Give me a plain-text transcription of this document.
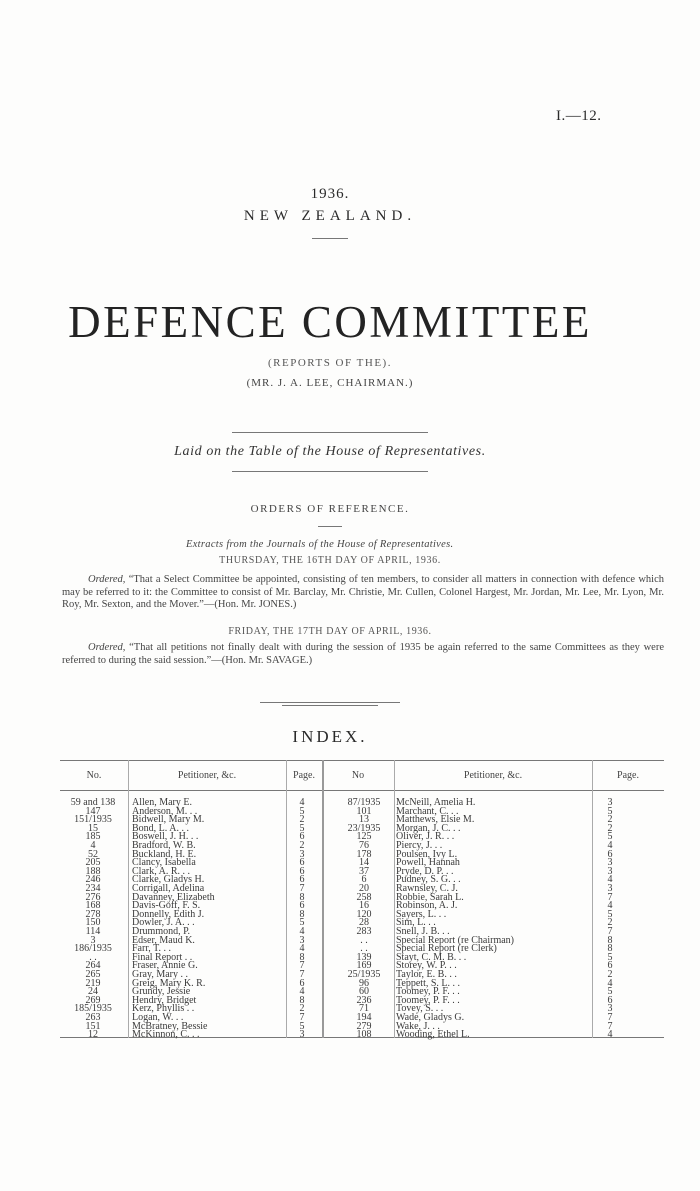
I.—12.
1936.
NEW ZEALAND.
DEFENCE COMMITTEE
(REPORTS OF THE).
(MR. J. A. LEE, CHAIRMAN.)
Laid on the Table of the House of Representatives.
ORDERS OF REFERENCE.
Extracts from the Journals of the House of Representatives.
THURSDAY, THE 16TH DAY OF APRIL, 1936.

Ordered, “That a Select Committee be appointed, consisting of ten members, to consider all matters in connection with defence which may be referred to it: the Committee to consist of Mr. Barclay, Mr. Christie, Mr. Cullen, Colonel Hargest, Mr. Jordan, Mr. Lee, Mr. Lyon, Mr. Roy, Mr. Sexton, and the Mover.”—(Hon. Mr. JONES.)

FRIDAY, THE 17TH DAY OF APRIL, 1936.

Ordered, “That all petitions not finally dealt with during the session of 1935 be again referred to the same Committees as they were referred to during the said session.”—(Hon. Mr. SAVAGE.)

INDEX.
No.	Petitioner, &c.	Page.	No	Petitioner, &c.	Page.
59 and 138	Allen, Mary E.	4	87/1935	McNeill, Amelia H.	3
147	Anderson, M. . .	5	101	Marchant, C. . .	5
151/1935	Bidwell, Mary M.	2	13	Matthews, Elsie M.	2
15	Bond, L. A. . .	5	23/1935	Morgan, J. C. . .	2
185	Boswell, J. H. . .	6	125	Oliver, J. R. . .	5
4	Bradford, W. B.	2	76	Piercy, J. . .	4
52	Buckland, H. E.	3	178	Poulsen, Ivy L.	6
205	Clancy, Isabella	6	14	Powell, Hannah	3
188	Clark, A. R. . .	6	37	Pryde, D. P. . .	3
246	Clarke, Gladys H.	6	6	Pudney, S. G. . .	4
234	Corrigall, Adelina	7	20	Rawnsley, C. J.	3
276	Davanney, Elizabeth	8	258	Robbie, Sarah L.	7
168	Davis-Goff, F. S.	6	16	Robinson, A. J.	4
278	Donnelly, Edith J.	8	120	Sayers, L. . .	5
150	Dowler, J. A. . .	5	28	Sim, L. . .	2
114	Drummond, P.	4	283	Snell, J. B. . .	7
3	Edser, Maud K.	3	. .	Special Report (re Chairman)	8
186/1935	Farr, T. . .	4	. .	Special Report (re Clerk)	8
. .	Final Report . .	8	139	Stayt, C. M. B. . .	5
264	Fraser, Annie G.	7	169	Storey, W. P. . .	6
265	Gray, Mary . .	7	25/1935	Taylor, E. B. . .	2
219	Greig, Mary K. R.	6	96	Teppett, S. L. . .	4
24	Grundy, Jessie	4	60	Toomey, P. F. . .	5
269	Hendry, Bridget	8	236	Toomey, P. F. . .	6
185/1935	Kerz, Phyllis . .	2	71	Tovey, S. . .	3
263	Logan, W. . .	7	194	Wade, Gladys G.	7
151	McBratney, Bessie	5	279	Wake, J. . .	7
12	McKinnon, C. . .	3	108	Wooding, Ethel L.	4
